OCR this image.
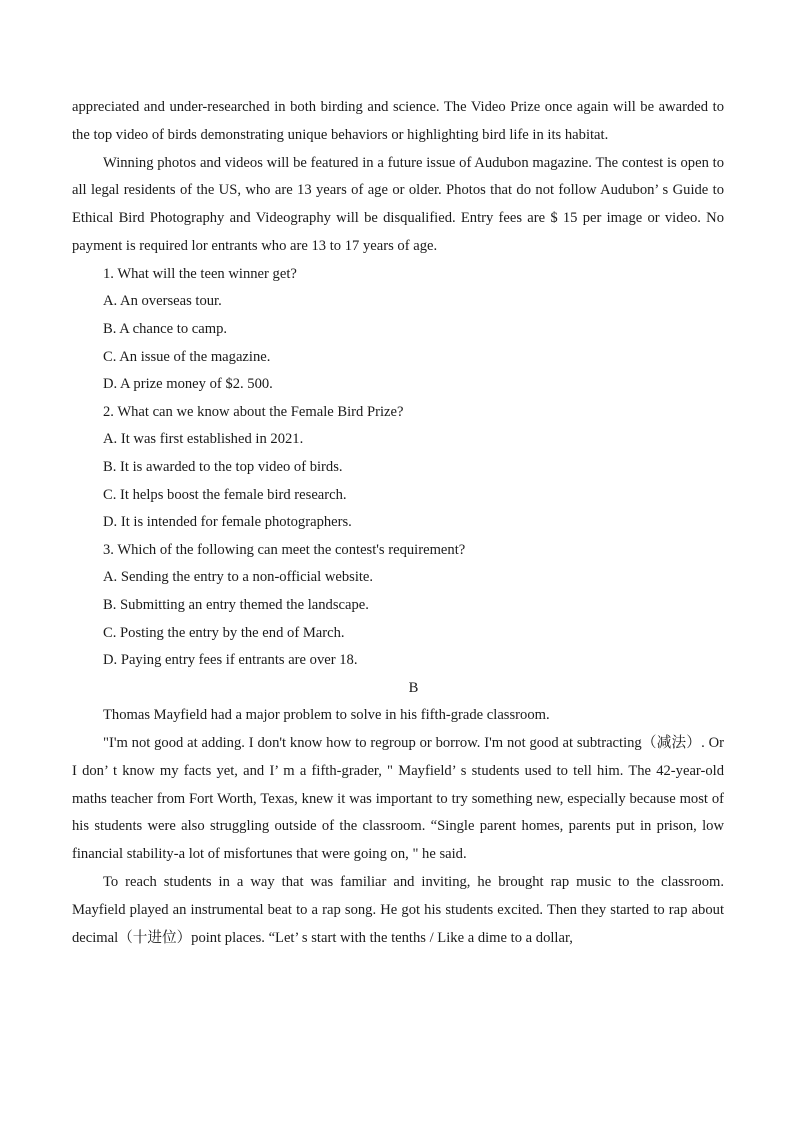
appreciated and under-researched in both birding and science. The Video Prize once again will be awarded to the top video of birds demonstrating unique behaviors or highlighting bird life in its habitat.

Winning photos and videos will be featured in a future issue of Audubon magazine. The contest is open to all legal residents of the US, who are 13 years of age or older. Photos that do not follow Audubon’ s Guide to Ethical Bird Photography and Videography will be disqualified. Entry fees are $ 15 per image or video. No payment is required lor entrants who are 13 to 17 years of age.

1. What will the teen winner get?

A. An overseas tour.

B. A chance to camp.

C. An issue of the magazine.

D. A prize money of $2. 500.

2. What can we know about the Female Bird Prize?

A. It was first established in 2021.

B. It is awarded to the top video of birds.

C. It helps boost the female bird research.

D. It is intended for female photographers.

3. Which of the following can meet the contest's requirement?

A. Sending the entry to a non-official website.

B. Submitting an entry themed the landscape.

C. Posting the entry by the end of March.

D. Paying entry fees if entrants are over 18.

B

Thomas Mayfield had a major problem to solve in his fifth-grade classroom.

"I'm not good at adding. I don't know how to regroup or borrow. I'm not good at subtracting（减法）. Or I don’ t know my facts yet, and I’ m a fifth-grader, " Mayfield’ s students used to tell him. The 42-year-old maths teacher from Fort Worth, Texas, knew it was important to try something new, especially because most of his students were also struggling outside of the classroom. “Single parent homes, parents put in prison, low financial stability-a lot of misfortunes that were going on, " he said.

To reach students in a way that was familiar and inviting, he brought rap music to the classroom. Mayfield played an instrumental beat to a rap song. He got his students excited. Then they started to rap about decimal（十进位）point places. “Let’ s start with the tenths / Like a dime to a dollar,
